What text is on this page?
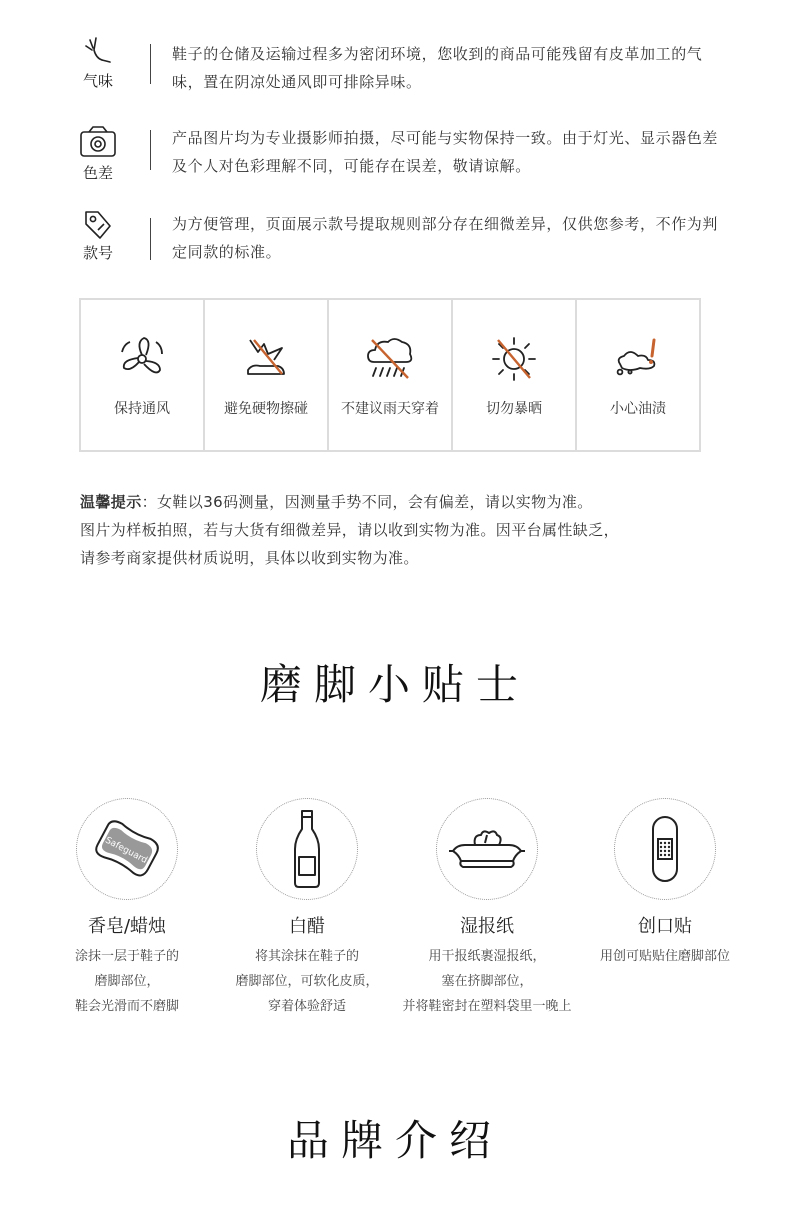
气味
鞋子的仓储及运输过程多为密闭环境，您收到的商品可能残留有皮革加工的气味，置在阴凉处通风即可排除异味。
色差
产品图片均为专业摄影师拍摄，尽可能与实物保持一致。由于灯光、显示器色差及个人对色彩理解不同，可能存在误差，敬请谅解。
款号
为方便管理，页面展示款号提取规则部分存在细微差异，仅供您参考，不作为判定同款的标准。
保持通风	避免硬物擦碰	不建议雨天穿着	切勿暴晒	小心油渍
温馨提示：女鞋以36码测量，因测量手势不同，会有偏差，请以实物为准。
图片为样板拍照，若与大货有细微差异，请以收到实物为准。因平台属性缺乏，
请参考商家提供材质说明，具体以收到实物为准。
磨脚小贴士
Safeguard
香皂/蜡烛
涂抹一层于鞋子的
磨脚部位，
鞋会光滑而不磨脚
白醋
将其涂抹在鞋子的
磨脚部位，可软化皮质，
穿着体验舒适
湿报纸
用干报纸裹湿报纸，
塞在挤脚部位，
并将鞋密封在塑料袋里一晚上
创口贴
用创可贴贴住磨脚部位
品牌介绍
